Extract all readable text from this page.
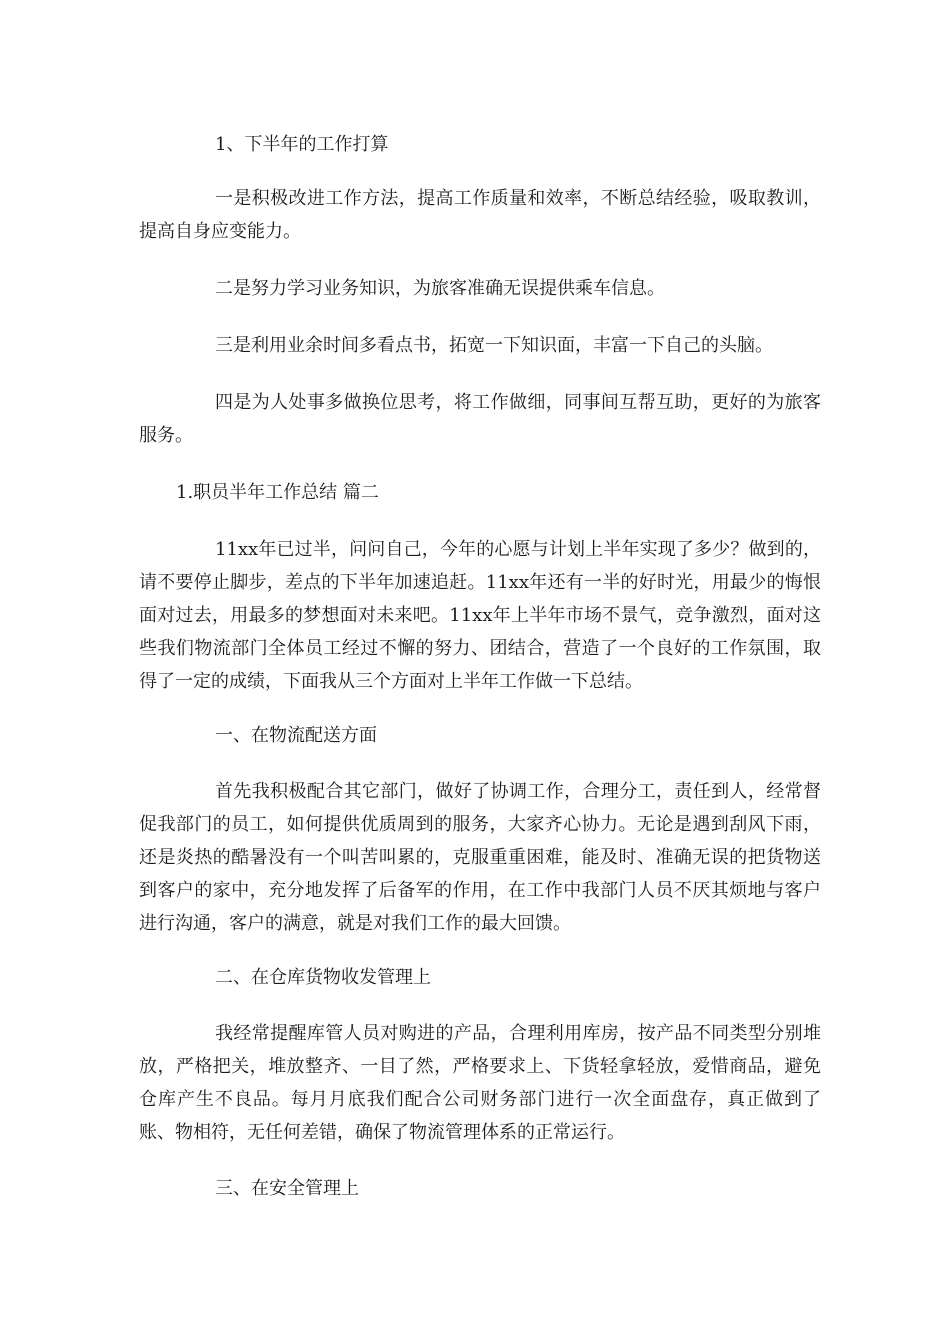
1、下半年的工作打算

一是积极改进工作方法，提高工作质量和效率，不断总结经验，吸取教训，提高自身应变能力。

二是努力学习业务知识，为旅客准确无误提供乘车信息。

三是利用业余时间多看点书，拓宽一下知识面，丰富一下自己的头脑。

四是为人处事多做换位思考，将工作做细，同事间互帮互助，更好的为旅客服务。

1.职员半年工作总结 篇二

11xx年已过半，问问自己，今年的心愿与计划上半年实现了多少？做到的，请不要停止脚步，差点的下半年加速追赶。11xx年还有一半的好时光，用最少的悔恨面对过去，用最多的梦想面对未来吧。11xx年上半年市场不景气，竞争激烈，面对这些我们物流部门全体员工经过不懈的努力、团结合，营造了一个良好的工作氛围，取得了一定的成绩，下面我从三个方面对上半年工作做一下总结。

一、在物流配送方面

首先我积极配合其它部门，做好了协调工作，合理分工，责任到人，经常督促我部门的员工，如何提供优质周到的服务，大家齐心协力。无论是遇到刮风下雨，还是炎热的酷暑没有一个叫苦叫累的，克服重重困难，能及时、准确无误的把货物送到客户的家中，充分地发挥了后备军的作用，在工作中我部门人员不厌其烦地与客户进行沟通，客户的满意，就是对我们工作的最大回馈。

二、在仓库货物收发管理上

我经常提醒库管人员对购进的产品，合理利用库房，按产品不同类型分别堆放，严格把关，堆放整齐、一目了然，严格要求上、下货轻拿轻放，爱惜商品，避免仓库产生不良品。每月月底我们配合公司财务部门进行一次全面盘存，真正做到了账、物相符，无任何差错，确保了物流管理体系的正常运行。

三、在安全管理上
